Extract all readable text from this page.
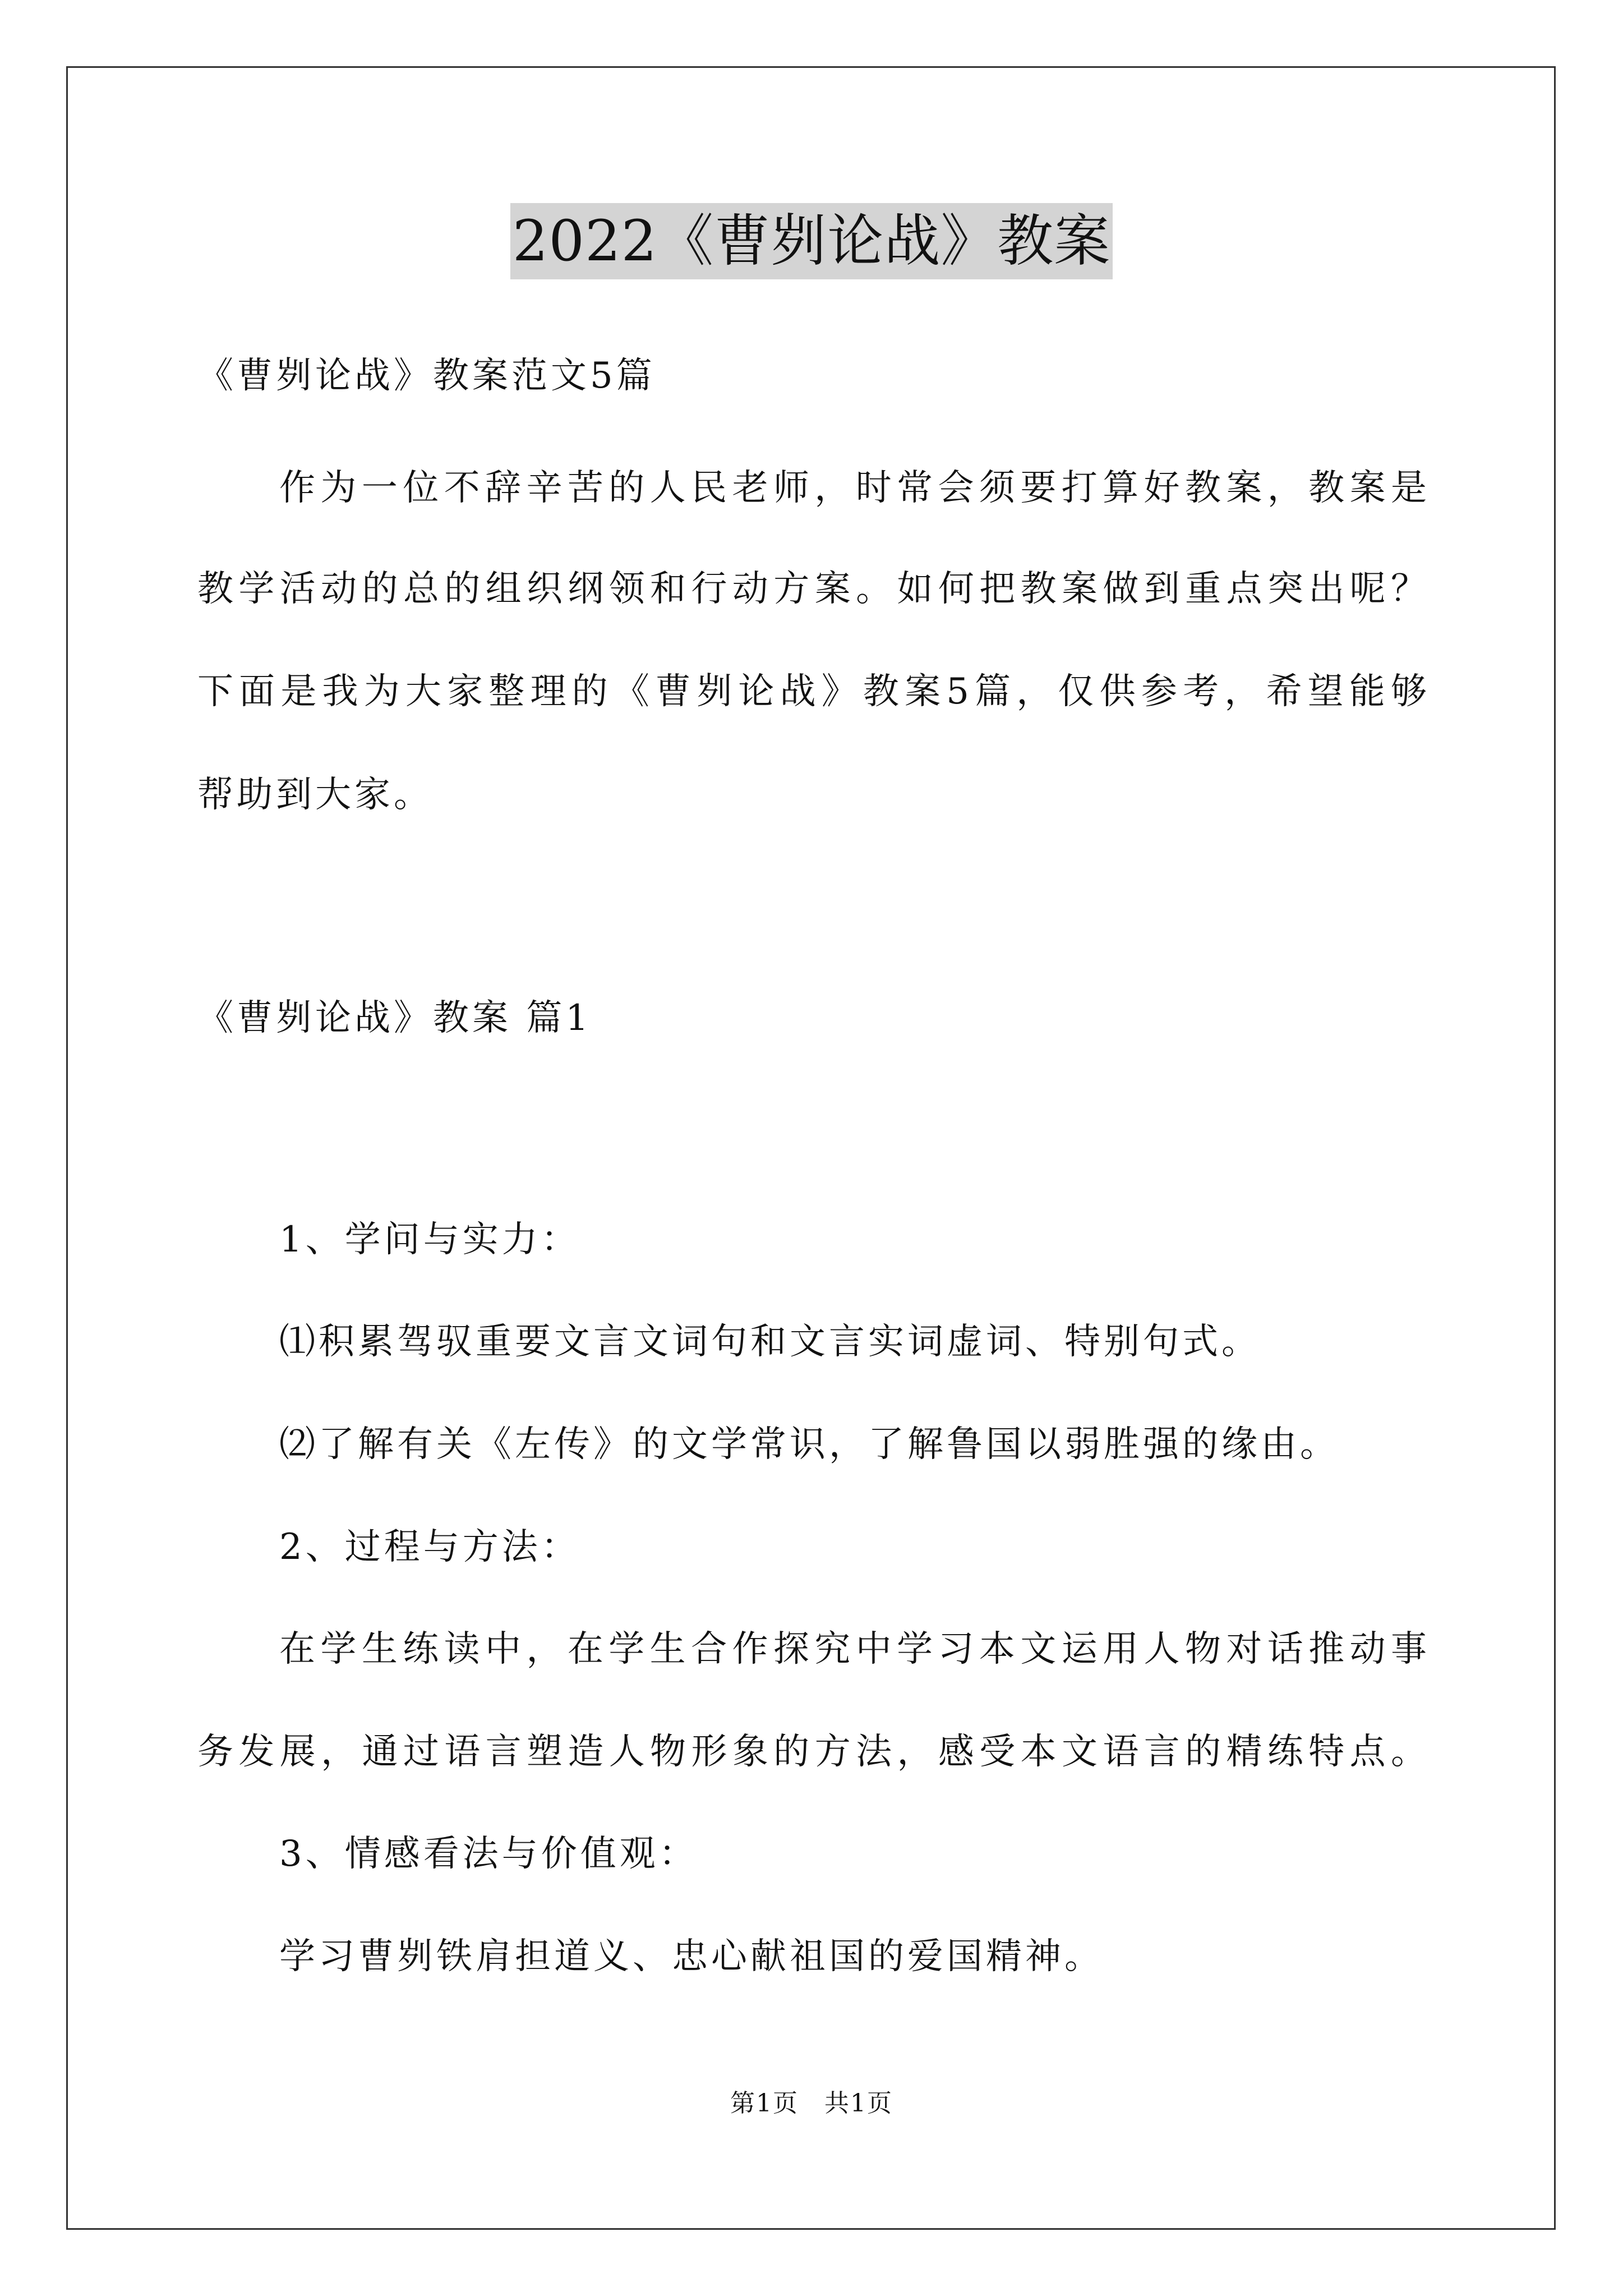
2022《曹刿论战》教案
《曹刿论战》教案范文5篇
作为一位不辞辛苦的人民老师，时常会须要打算好教案，教案是
教学活动的总的组织纲领和行动方案。如何把教案做到重点突出呢？
下面是我为大家整理的《曹刿论战》教案5篇，仅供参考，希望能够
帮助到大家。
《曹刿论战》教案 篇1
1、学问与实力：
⑴积累驾驭重要文言文词句和文言实词虚词、特别句式。
⑵了解有关《左传》的文学常识，了解鲁国以弱胜强的缘由。
2、过程与方法：
在学生练读中，在学生合作探究中学习本文运用人物对话推动事
务发展，通过语言塑造人物形象的方法，感受本文语言的精练特点。
3、情感看法与价值观：
学习曹刿铁肩担道义、忠心献祖国的爱国精神。
第1页　共1页
